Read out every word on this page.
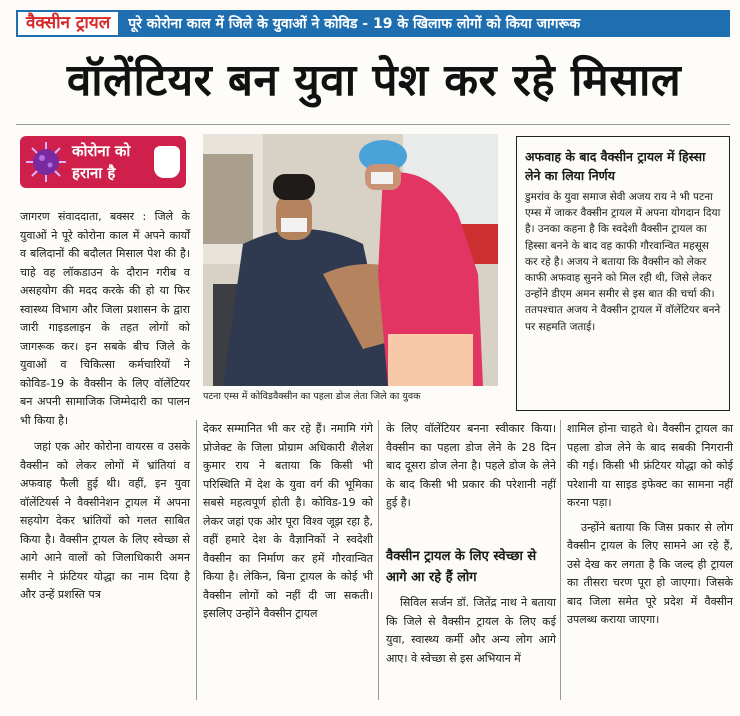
वैक्सीन ट्रायल	पूरे कोरोना काल में जिले के युवाओं ने कोविड - 19 के खिलाफ लोगों को किया जागरूक
वॉलेंटियर बन युवा पेश कर रहे मिसाल
कोरोना को
हराना है
पटना एम्स में कोविडवैक्सीन का पहला डोज लेता जिले का युवक
अफवाह के बाद वैक्सीन ट्रायल में हिस्सा लेने का लिया निर्णय
डुमरांव के युवा समाज सेवी अजय राय ने भी पटना एम्स में जाकर वैक्सीन ट्रायल में अपना योगदान दिया है। उनका कहना है कि स्वदेशी वैक्सीन ट्रायल का हिस्सा बनने के बाद वह काफी गौरवान्वित महसूस कर रहे है। अजय ने बताया कि वैक्सीन को लेकर काफी अफवाह सुनने को मिल रही थी, जिसे लेकर उन्होंने डीएम अमन समीर से इस बात की चर्चा की। ततपश्चात अजय ने वैक्सीन ट्रायल में वॉलेंटियर बनने पर सहमति जताई।

जागरण संवाददाता, बक्सर : जिले के युवाओं ने पूरे कोरोना काल में अपने कार्यों व बलिदानों की बदौलत मिसाल पेश की है। चाहे वह लॉकडाउन के दौरान गरीब व असहयोग की मदद करके की हो या फिर स्वास्थ्य विभाग और जिला प्रशासन के द्वारा जारी गाइडलाइन के तहत लोगों को जागरूक कर। इन सबके बीच जिले के युवाओं व चिकित्सा कर्मचारियों ने कोविड-19 के वैक्सीन के लिए वॉलेंटियर बन अपनी सामाजिक जिम्मेदारी का पालन भी किया है।

जहां एक ओर कोरोना वायरस व उसके वैक्सीन को लेकर लोगों में भ्रांतियां व अफवाह फैली हुई थी। वहीं, इन युवा वॉलेंटियर्स ने वैक्सीनेशन ट्रायल में अपना सहयोग देकर भ्रांतियों को गलत साबित किया है। वैक्सीन ट्रायल के लिए स्वेच्छा से आगे आने वालों को जिलाधिकारी अमन समीर ने फ्रंटियर योद्धा का नाम दिया है और उन्हें प्रशस्ति पत्र

देकर सम्मानित भी कर रहे हैं। नमामि गंगे प्रोजेक्ट के जिला प्रोग्राम अधिकारी शैलेश कुमार राय ने बताया कि किसी भी परिस्थिति में देश के युवा वर्ग की भूमिका सबसे महत्वपूर्ण होती है। कोविड-19 को लेकर जहां एक ओर पूरा विश्व जूझ रहा है, वहीं हमारे देश के वैज्ञानिकों ने स्वदेशी वैक्सीन का निर्माण कर हमें गौरवान्वित किया है। लेकिन, बिना ट्रायल के कोई भी वैक्सीन लोगों को नहीं दी जा सकती। इसलिए उन्होंने वैक्सीन ट्रायल

के लिए वॉलेंटियर बनना स्वीकार किया। वैक्सीन का पहला डोज लेने के 28 दिन बाद दूसरा डोज लेना है। पहले डोज के लेने के बाद किसी भी प्रकार की परेशानी नहीं हुई है।

वैक्सीन ट्रायल के लिए स्वेच्छा से आगे आ रहे हैं लोग

सिविल सर्जन डॉ. जितेंद्र नाथ ने बताया कि जिले से वैक्सीन ट्रायल के लिए कई युवा, स्वास्थ्य कर्मी और अन्य लोग आगे आए। वे स्वेच्छा से इस अभियान में

शामिल होना चाहते थे। वैक्सीन ट्रायल का पहला डोज लेने के बाद सबकी निगरानी की गई। किसी भी फ्रंटियर योद्धा को कोई परेशानी या साइड इफेक्ट का सामना नहीं करना पड़ा।

उन्होंने बताया कि जिस प्रकार से लोग वैक्सीन ट्रायल के लिए सामने आ रहे हैं, उसे देख कर लगता है कि जल्द ही ट्रायल का तीसरा चरण पूरा हो जाएगा। जिसके बाद जिला समेत पूरे प्रदेश में वैक्सीन उपलब्ध कराया जाएगा।
